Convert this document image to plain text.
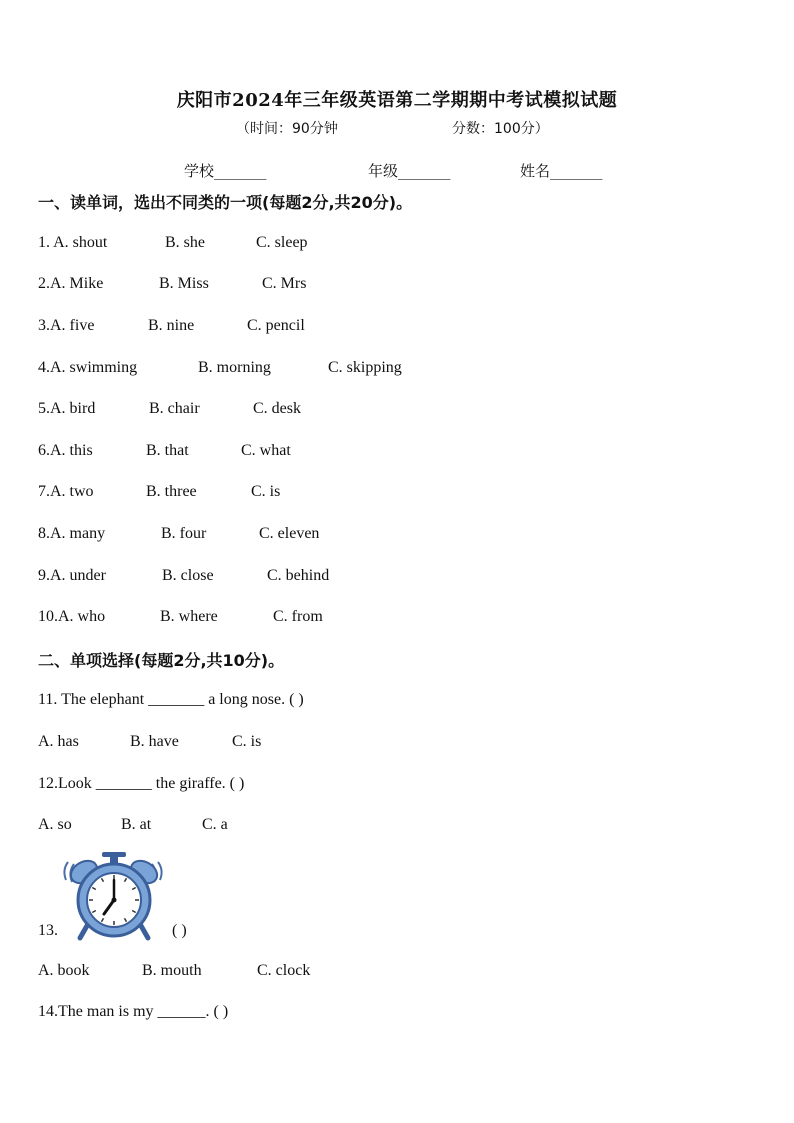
庆阳市2024年三年级英语第二学期期中考试模拟试题
（时间：90分钟	分数：100分）
学校_______	年级_______	姓名_______
一、读单词，选出不同类的一项(每题2分,共20分)。
1. A. shout	B. she	C. sleep
2.A. Mike	B. Miss	C. Mrs
3.A. five	B. nine	C. pencil
4.A. swimming	B. morning	C. skipping
5.A. bird	B. chair	C. desk
6.A. this	B. that	C. what
7.A. two	B. three	C. is
8.A. many	B. four	C. eleven
9.A. under	B. close	C. behind
10.A. who	B. where	C. from
二、单项选择(每题2分,共10分)。
11. The elephant _______ a long nose. ( )
A. has	B. have	C. is
12.Look _______ the giraffe. ( )
A. so	B. at	C. a
13.	( )
A. book	B. mouth	C. clock
14.The man is my ______. ( )
